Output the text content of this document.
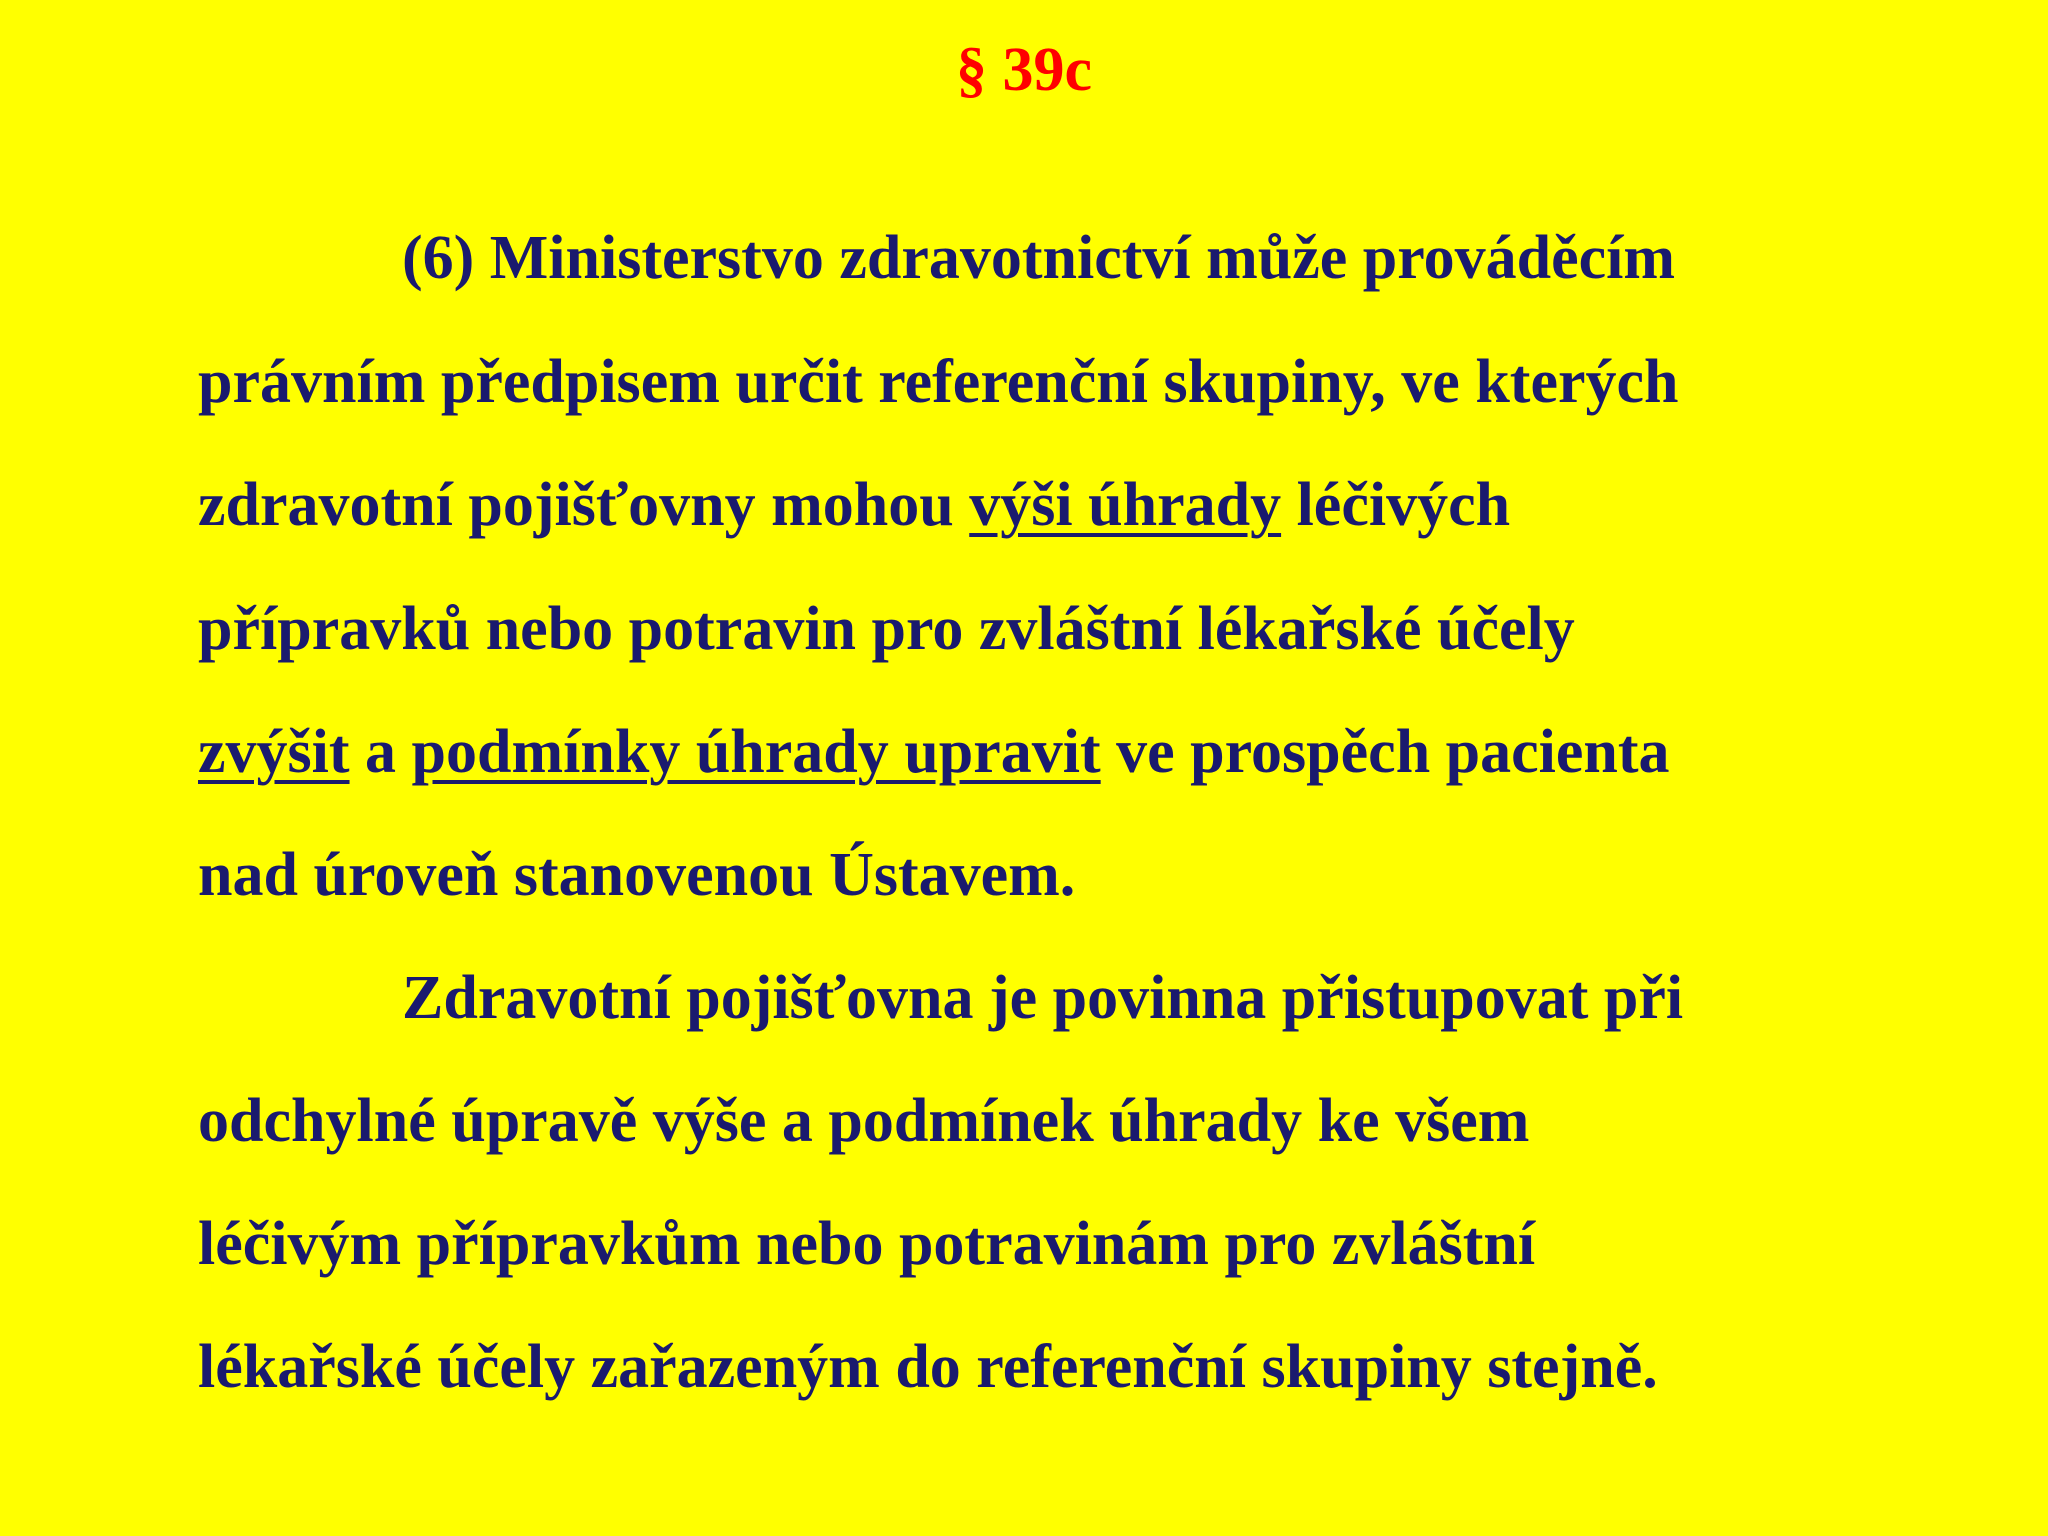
§ 39c
(6) Ministerstvo zdravotnictví může prováděcím
právním předpisem určit referenční skupiny, ve kterých
zdravotní pojišťovny mohou výši úhrady léčivých
přípravků nebo potravin pro zvláštní lékařské účely
zvýšit a podmínky úhrady upravit ve prospěch pacienta
nad úroveň stanovenou Ústavem.
Zdravotní pojišťovna je povinna přistupovat při
odchylné úpravě výše a podmínek úhrady ke všem
léčivým přípravkům nebo potravinám pro zvláštní
lékařské účely zařazeným do referenční skupiny stejně.
